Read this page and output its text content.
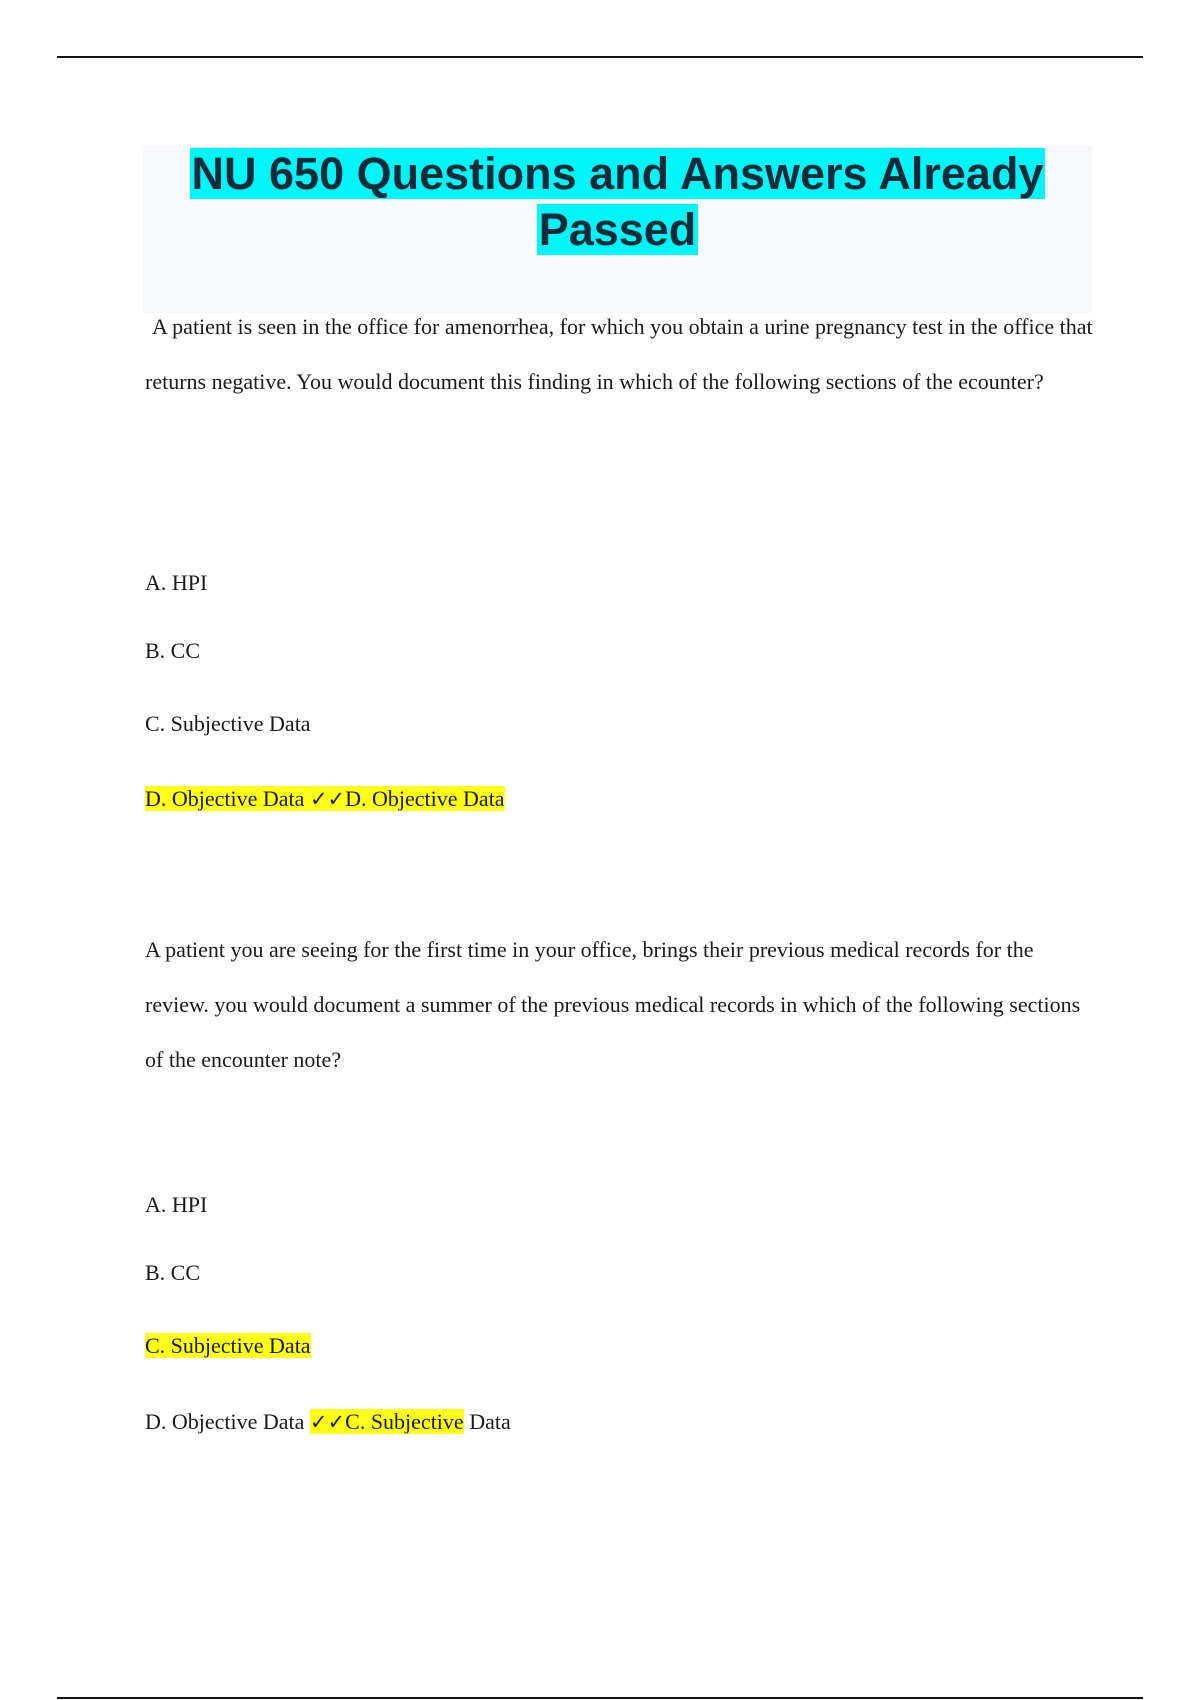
NU 650 Questions and Answers Already
Passed

A patient is seen in the office for amenorrhea, for which you obtain a urine pregnancy test in the office that returns negative. You would document this finding in which of the following sections of the ecounter?

A. HPI

B. CC

C. Subjective Data

D. Objective Data ✓✓D. Objective Data

A patient you are seeing for the first time in your office, brings their previous medical records for the review. you would document a summer of the previous medical records in which of the following sections of the encounter note?

A. HPI

B. CC

C. Subjective Data

D. Objective Data ✓✓C. Subjective Data
